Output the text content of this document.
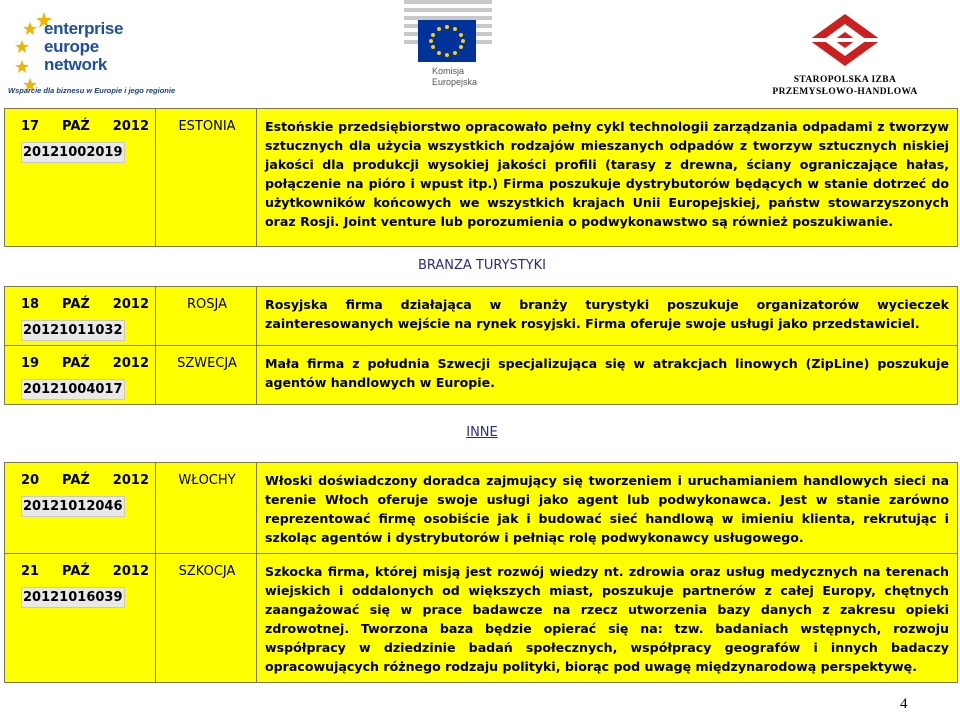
enterprise
europe
network
Wsparcie dla biznesu w Europie i jego regionie
Komisja
Europejska	STAROPOLSKA IZBA
PRZEMYSŁOWO-HANDLOWA
17 PAŹ 2012
20121002019	ESTONIA	Estońskie przedsiębiorstwo opracowało pełny cykl technologii zarządzania odpadami z tworzyw sztucznych dla użycia wszystkich rodzajów mieszanych odpadów z tworzyw sztucznych niskiej jakości dla produkcji wysokiej jakości profili (tarasy z drewna, ściany ograniczające hałas, połączenie na pióro i wpust itp.) Firma poszukuje dystrybutorów będących w stanie dotrzeć do użytkowników końcowych we wszystkich krajach Unii Europejskiej, państw stowarzyszonych oraz Rosji. Joint venture lub porozumienia o podwykonawstwo są również poszukiwanie.
BRANZA TURYSTYKI		

18 PAŹ 2012
20121011032	ROSJA	Rosyjska firma działająca w branży turystyki poszukuje organizatorów wycieczek zainteresowanych wejście na rynek rosyjski. Firma oferuje swoje usługi jako przedstawiciel.

19 PAŹ 2012
20121004017	SZWECJA	Mała firma z południa Szwecji specjalizująca się w atrakcjach linowych (ZipLine) poszukuje agentów handlowych w Europie.
INNE		

20 PAŹ 2012
20121012046	WŁOCHY	Włoski doświadczony doradca zajmujący się tworzeniem i uruchamianiem handlowych sieci na terenie Włoch oferuje swoje usługi jako agent lub podwykonawca. Jest w stanie zarówno reprezentować firmę osobiście jak i budować sieć handlową w imieniu klienta, rekrutując i szkoląc agentów i dystrybutorów i pełniąc rolę podwykonawcy usługowego.

21 PAŹ 2012
20121016039	SZKOCJA	Szkocka firma, której misją jest rozwój wiedzy nt. zdrowia oraz usług medycznych na terenach wiejskich i oddalonych od większych miast, poszukuje partnerów z całej Europy, chętnych zaangażować się w prace badawcze na rzecz utworzenia bazy danych z zakresu opieki zdrowotnej. Tworzona baza będzie opierać się na: tzw. badaniach wstępnych, rozwoju współpracy w dziedzinie badań społecznych, współpracy geografów i innych badaczy opracowujących różnego rodzaju polityki, biorąc pod uwagę międzynarodową perspektywę.
4
